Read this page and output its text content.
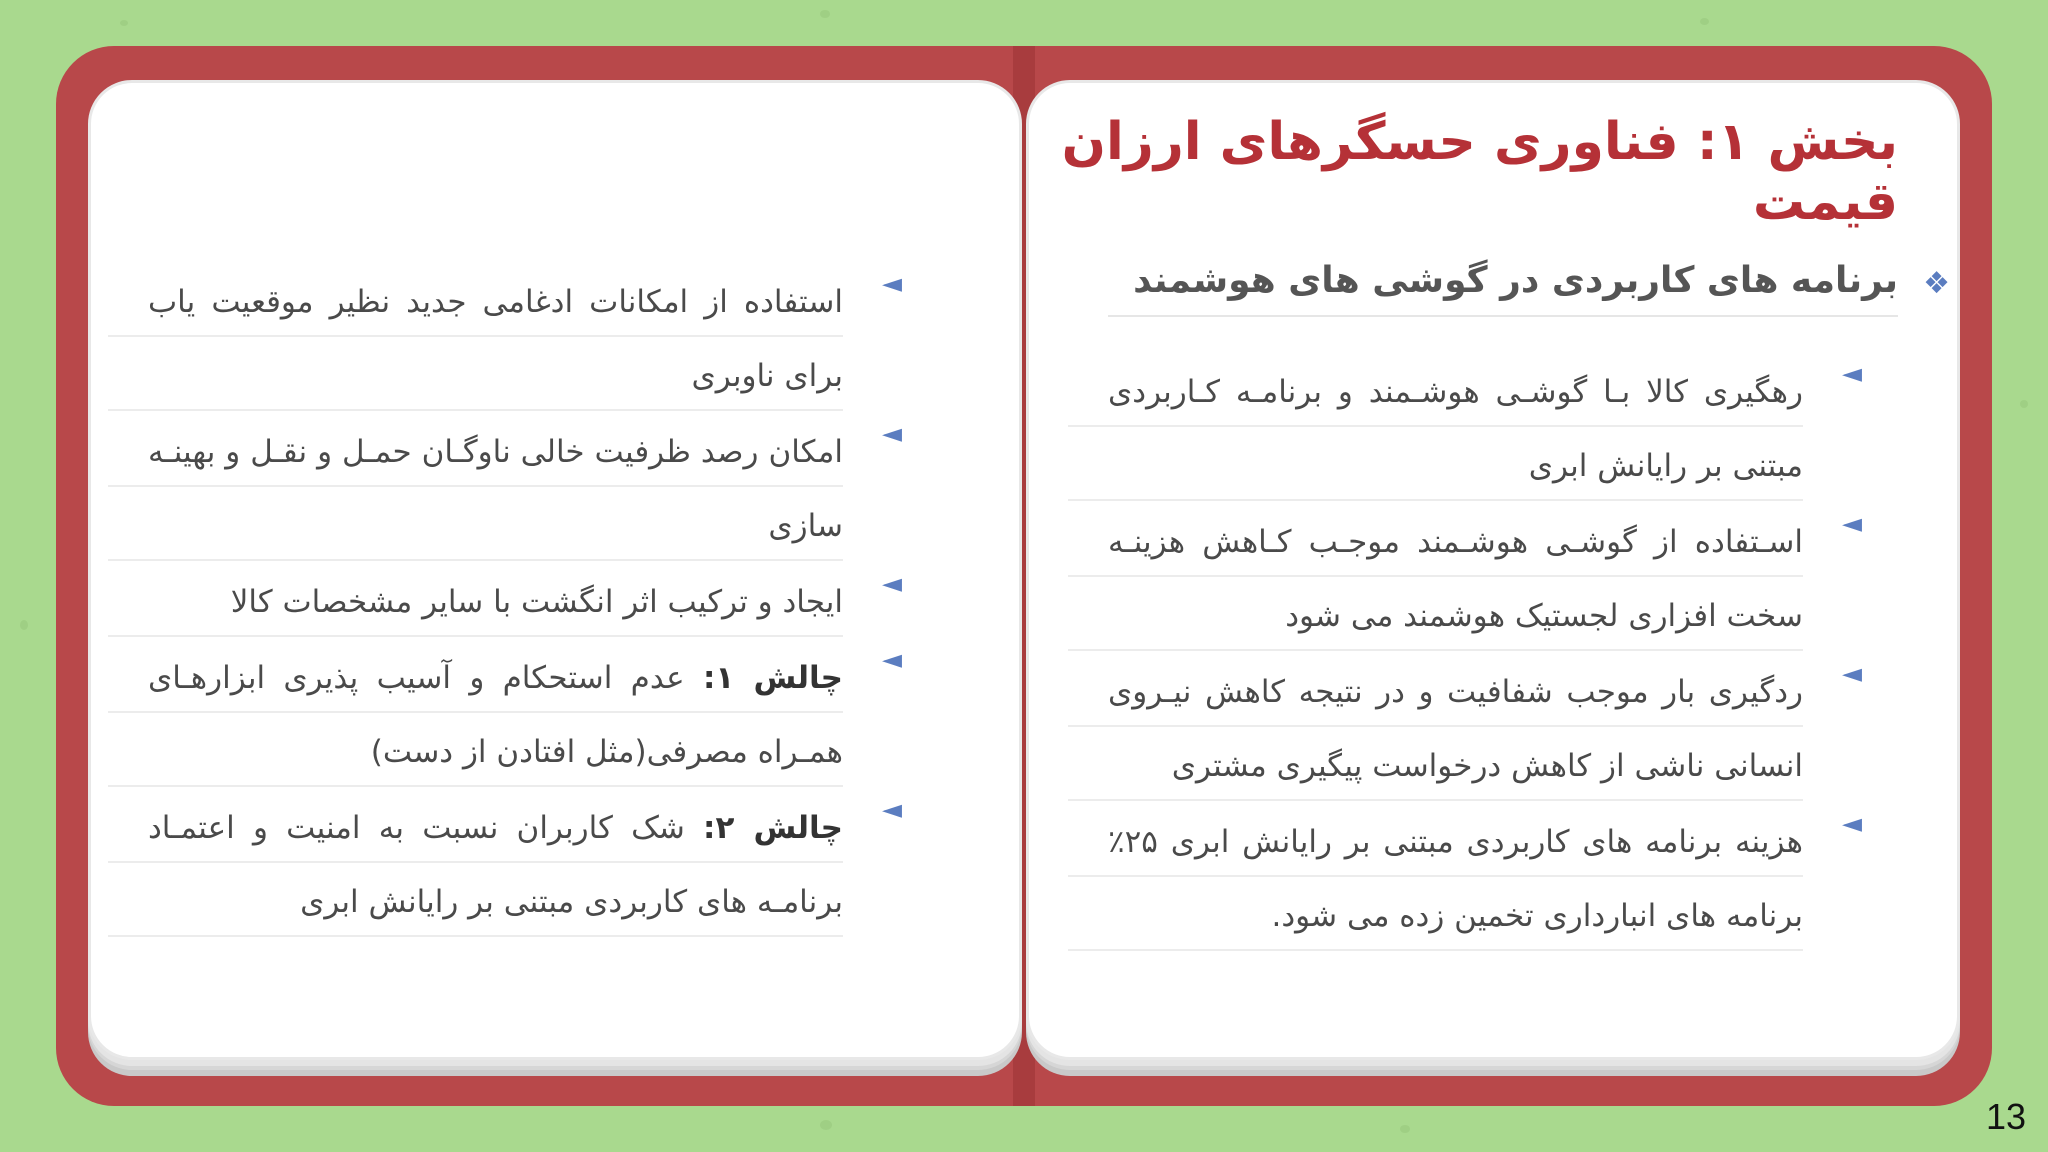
بخش ۱: فناوری حسگرهای ارزان قیمت
❖
برنامه های کاربردی در گوشی های هوشمند
◄
رهگیری کالا بـا گوشـی هوشـمند و برنامـه کـاربردی مبتنی بر رایانش ابری
◄
اسـتفاده از گوشـی هوشـمند موجـب کـاهش هزینـه سخت افزاری لجستیک هوشمند می شود
◄
ردگیری بار موجب شفافیت و در نتیجه کاهش نیـروی انسانی ناشی از کاهش درخواست پیگیری مشتری
◄
هزینه برنامه های کاربردی مبتنی بر رایانش ابری ۲۵٪ برنامه های انبارداری تخمین زده می شود.
◄
استفاده از امکانات ادغامی جدید نظیر موقعیت یاب برای ناوبری
◄
امکان رصد ظرفیت خالی ناوگـان حمـل و نقـل و بهینـه سازی
◄
ایجاد و ترکیب اثر انگشت با سایر مشخصات کالا
◄
چالش ۱: عدم استحکام و آسیب پذیری ابزارهـای همـراه مصرفی(مثل افتادن از دست)
◄
چالش ۲: شک کاربران نسبت به امنیت و اعتمـاد برنامـه های کاربردی مبتنی بر رایانش ابری
13
